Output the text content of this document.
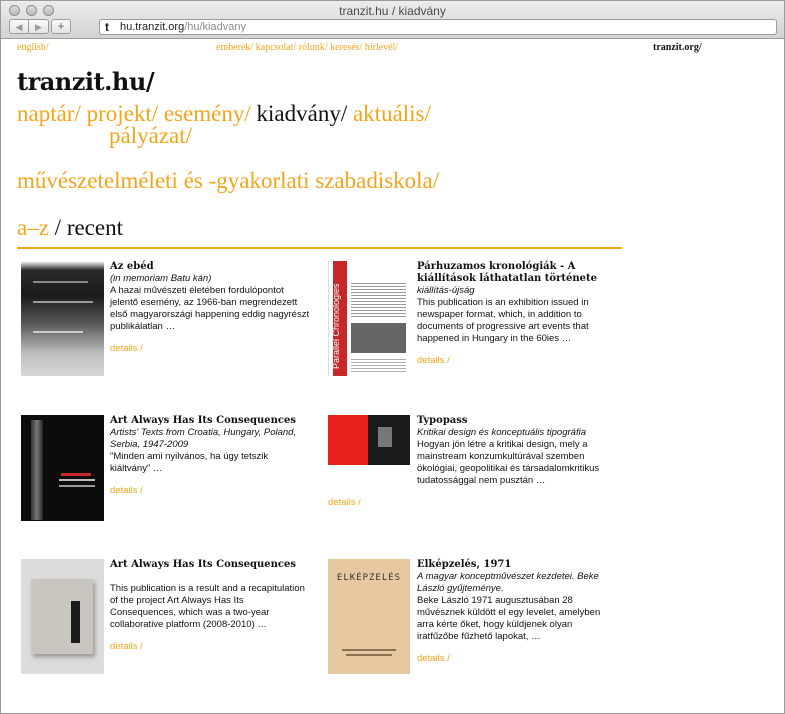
tranzit.hu / kiadvány
◀	▶	+	t hu.tranzit.org/hu/kiadvany
english/	emberek/ kapcsolat/ rólunk/ keresés/ hírlevél/	tranzit.org/
tranzit.hu/
naptár/ projekt/ esemény/ kiadvány/ aktuális/
pályázat/
művészetelméleti és -gyakorlati szabadiskola/
a–z / recent
Az ebéd
(in memoriam Batu kán)
A hazai művészeti életében fordulópontot jelentő esemény, az 1966-ban megrendezett első magyarországi happening eddig nagyrészt publikálatlan …
details /	Parallel Chronologies
Párhuzamos kronológiák - A kiállítások láthatatlan története
kiállítás-újság
This publication is an exhibition issued in newspaper format, which, in addition to documents of progressive art events that happened in Hungary in the 60ies …
details /
Art Always Has Its Consequences
Artists' Texts from Croatia, Hungary, Poland, Serbia, 1947-2009
"Minden ami nyilvános, ha úgy tetszik kiáltvány" …
details /
Typopass
Kritikai design és konceptuális tipográfia
Hogyan jön létre a kritikai design, mely a mainstream konzumkultúrával szemben ökológiai, geopolitikai és társadalomkritikus tudatossággal nem pusztán …
details /
Art Always Has Its Consequences
This publication is a result and a recapitulation of the project Art Always Has Its Consequences, which was a two-year collaborative platform (2008-2010) …
details /
ELKÉPZELÉS
Elképzelés, 1971
A magyar konceptművészet kezdetei. Beke László gyűjteménye.
Beke László 1971 augusztusában 28 művésznek küldött el egy levelet, amelyben arra kérte őket, hogy küldjenek olyan iratfűzőbe fűzhető lapokat, …
details /
